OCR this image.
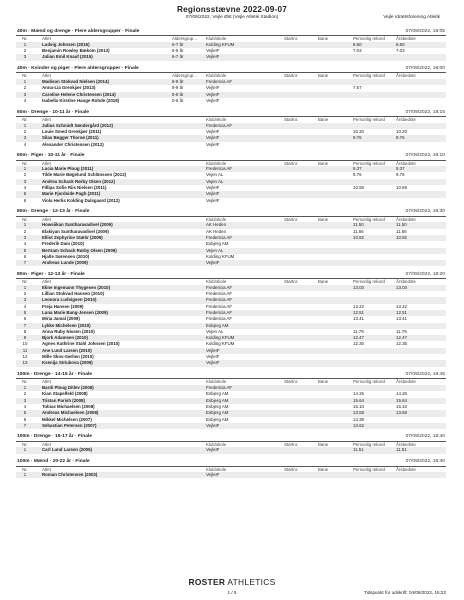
Regionsstævne 2022-09-07
07/09/2022, Vejle Øst (Vejle Atletik Stadion)	Vejle Idrætsforening Atletik
40m · Mænd og drenge · Flere aldersgrupper · Finale	07/09/2022, 18:05
Nr.	Atlet	Aldersgrup... Klub/skole	Startnr.	Bane	Personlig rekord	Årsbedste
1	Ludvig Johnsen (2015)	6-7 år	Kolding KFUM	8.60	8.60
2	Benjamin Rowley Bækom (2013)	8-9 år	VejleIF	7.03	7.03
3	Julian Emil Knauf (2015)	6-7 år	VejleIF
40m · Kvinder og piger · Flere aldersgrupper · Finale	07/09/2022, 18:00
Nr.	Atlet	Aldersgrup... Klub/skole	Startnr.	Bane	Personlig rekord	Årsbedste
1	Madison Stokvad Nielsen (2014)	8-9 år	Fredericia AF
2	Anna-Lia Grenkjær (2013)	8-9 år	VejleIF	7.67
3	Caroline Helene Christensen (2014)	8-9 år	VejleIF
4	Isabella Kirstine Hauge Rohde (2018)	0-5 år	VejleIF
60m · Drenge · 10-11 år · Finale	07/09/2022, 18:15
Nr.	Atlet	Klub/skole	Startnr.	Bane	Personlig rekord	Årsbedste
1	Julius Schmidt Søndergård (2012)	Fredericia AF
2	Louie Smed Grenkjær (2011)	VejleIF	10.20	10.20
3	Silas Bøgger Thorsø (2011)	VejleIF	9.76	9.76
4	Alexander Christensen (2012)	VejleIF
60m · Piger · 10-11 år · Finale	07/09/2022, 18:10
Nr.	Atlet	Klub/skole	Startnr.	Bane	Personlig rekord	Årsbedste
1	Lucia Marie Ploug (2011)	Fredericia AF	9.37	9.37
2	Tilde Marie Bøgelund Schlünssen (2012)	Vejen AL	9.76	9.76
3	Andrea Schack Rørby Olsen (2012)	Vejen AL
4	Fillipa Sofie Riis Nielsen (2011)	VejleIF	10.59	10.59
5	Marie Fjordside Pagh (2011)	VejleIF
6	Viola Herlis Kolding Dalsgaard (2012)	VejleIF
80m · Drenge · 12-13 år · Finale	07/09/2022, 18:30
Nr.	Atlet	Klub/skole	Startnr.	Bane	Personlig rekord	Årsbedste
1	Howsiikan Suntharavadivel (2009)	AK Heden	11.50	11.50
2	Elakiyan Suntharavadivel (2009)	AK Heden	11.56	11.56
3	Elliot Zephyrine Stæhr (2009)	Fredericia AF	10.92	10.92
4	Frederik Dam (2010)	Esbjerg AM
5	Bertram Schack Rørby Olsen (2009)	Vejen AL
6	Hjalte Sørensen (2010)	Kolding KFUM
7	Andreas Lunde (2009)	VejleIF
80m · Piger · 12-13 år · Finale	07/09/2022, 18:20
Nr.	Atlet	Klub/skole	Startnr.	Bane	Personlig rekord	Årsbedste
1	Eline Ingemann Thygesen (2010)	Fredericia AF	13.03	13.03
2	Lillian Stokvad Hansen (2010)	Fredericia AF
3	Leonora Ludvigsen (2010)	Fredericia AF
4	Freja Hansen (2009)	Fredericia AF	13.22	13.22
5	Luna Marie Bang-Jensen (2009)	Fredericia AF	12.51	12.51
6	Miria Jamal (2009)	Fredericia AF	13.41	13.41
7	Lykke Michelsen (2010)	Esbjerg AM
8	Anna Ruby Nissen (2010)	Vejen AL	11.79	11.79
9	Bjork Adamsen (2010)	Kolding KFUM	12.47	12.47
10	Agnes Kathrine Stahl Johnsen (2010)	Kolding KFUM	12.35	12.35
11	Ane Lund Larsen (2010)	VejleIF
12	Mille Skov-Sørlien (2010)	VejleIF
13	Ksenija Striukova (2009)	VejleIF
100m · Drenge · 14-15 år · Finale	07/09/2022, 18:45
Nr.	Atlet	Klub/skole	Startnr.	Bane	Personlig rekord	Årsbedste
1	Bardi Ploug Ditlev (2008)	Fredericia AF
2	Kian Stapelfeld (2008)	Esbjerg AM	14.26	14.26
3	Tristan Parish (2008)	Esbjerg AM	15.64	15.64
4	Tobias Michaelsen (2008)	Esbjerg AM	15.10	15.10
5	Andreas Michaelsen (2008)	Esbjerg AM	13.58	13.58
6	Mikkel Michelsen (2007)	Esbjerg AM	14.39
7	Sebastian Petersen (2007)	VejleIF	13.62
100m · Drenge · 16-17 år · Finale	07/09/2022, 18:40
Nr.	Atlet	Klub/skole	Startnr.	Bane	Personlig rekord	Årsbedste
1	Carl Lund Larsen (2005)	VejleIF	11.51	11.51
100m · Mænd · 20-22 år · Finale	07/09/2022, 18:40
Nr.	Atlet	Klub/skole	Startnr.	Bane	Personlig rekord	Årsbedste
1	Roman Christensen (2002)	VejleIF
ROSTER ATHLETICS
1 / 5	Tidspunkt for udskrift: 04/09/2022, 15:22
